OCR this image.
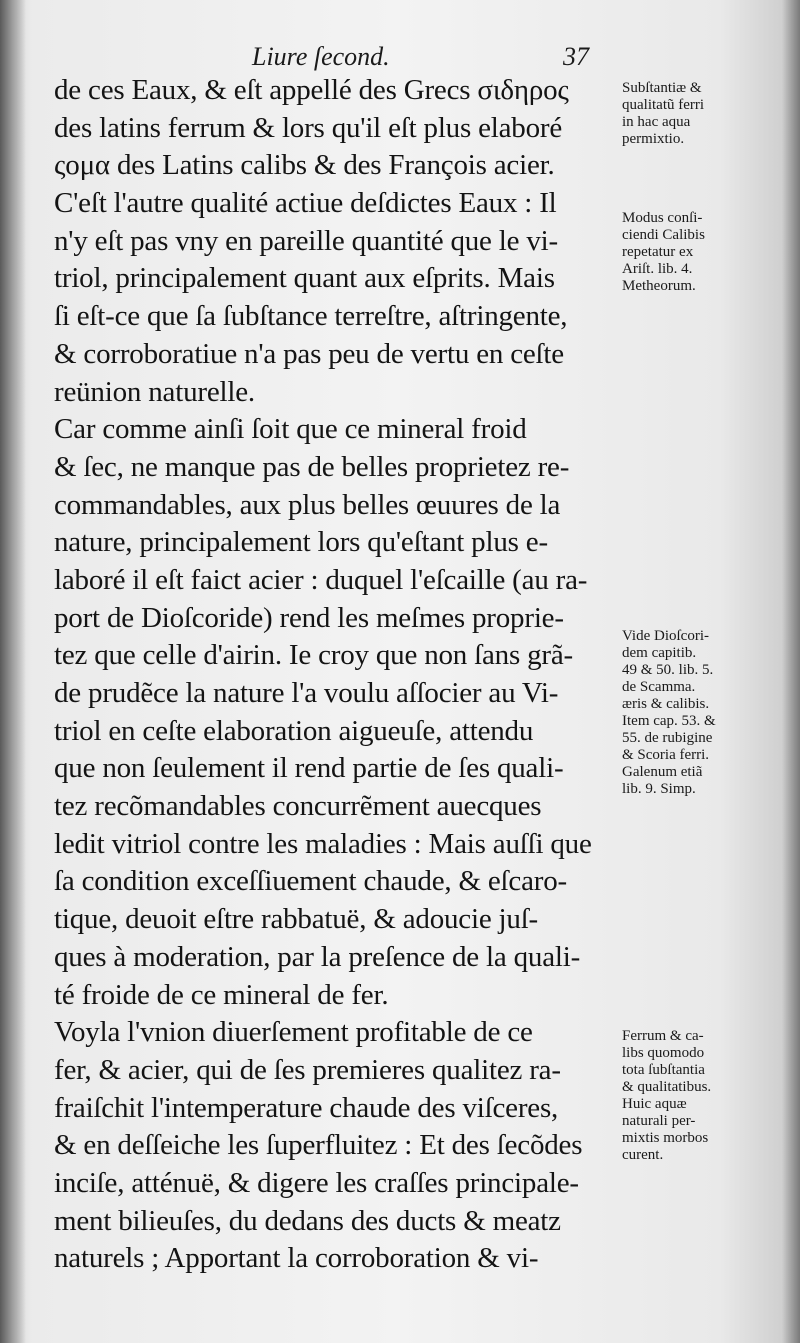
Liure ſecond.	37
de ces Eaux, & eſt appellé des Grecs σιδηρος
des latins ferrum & lors qu'il eſt plus elaboré
ςομα des Latins calibs & des François acier.
C'eſt l'autre qualité actiue deſdictes Eaux : Il
n'y eſt pas vny en pareille quantité que le vi-
triol, principalement quant aux eſprits. Mais
ſi eſt-ce que ſa ſubſtance terreſtre, aſtringente,
& corroboratiue n'a pas peu de vertu en ceſte
reünion naturelle.
Car comme ainſi ſoit que ce mineral froid
& ſec, ne manque pas de belles proprietez re-
commandables, aux plus belles œuures de la
nature, principalement lors qu'eſtant plus e-
laboré il eſt faict acier : duquel l'eſcaille (au ra-
port de Dioſcoride) rend les meſmes proprie-
tez que celle d'airin. Ie croy que non ſans grã-
de prudẽce la nature l'a voulu aſſocier au Vi-
triol en ceſte elaboration aigueuſe, attendu
que non ſeulement il rend partie de ſes quali-
tez recõmandables concurrẽment auecques
ledit vitriol contre les maladies : Mais auſſi que
ſa condition exceſſiuement chaude, & eſcaro-
tique, deuoit eſtre rabbatuë, & adoucie juſ-
ques à moderation, par la preſence de la quali-
té froide de ce mineral de fer.
Voyla l'vnion diuerſement profitable de ce
fer, & acier, qui de ſes premieres qualitez ra-
fraiſchit l'intemperature chaude des viſceres,
& en deſſeiche les ſuperfluitez : Et des ſecõdes
inciſe, atténuë, & digere les craſſes principale-
ment bilieuſes, du dedans des ducts & meatz
naturels ; Apportant la corroboration & vi-
Subſtantiæ &
qualitatũ ferri
in hac aqua
permixtio.
Modus conſi-
ciendi Calibis
repetatur ex
Ariſt. lib. 4.
Metheorum.
Vide Dioſcori-
dem capitib.
49 & 50. lib. 5.
de Scamma.
æris & calibis.
Item cap. 53. &
55. de rubigine
& Scoria ferri.
Galenum etiã
lib. 9. Simp.
Ferrum & ca-
libs quomodo
tota ſubſtantia
& qualitatibus.
Huic aquæ
naturali per-
mixtis morbos
curent.
